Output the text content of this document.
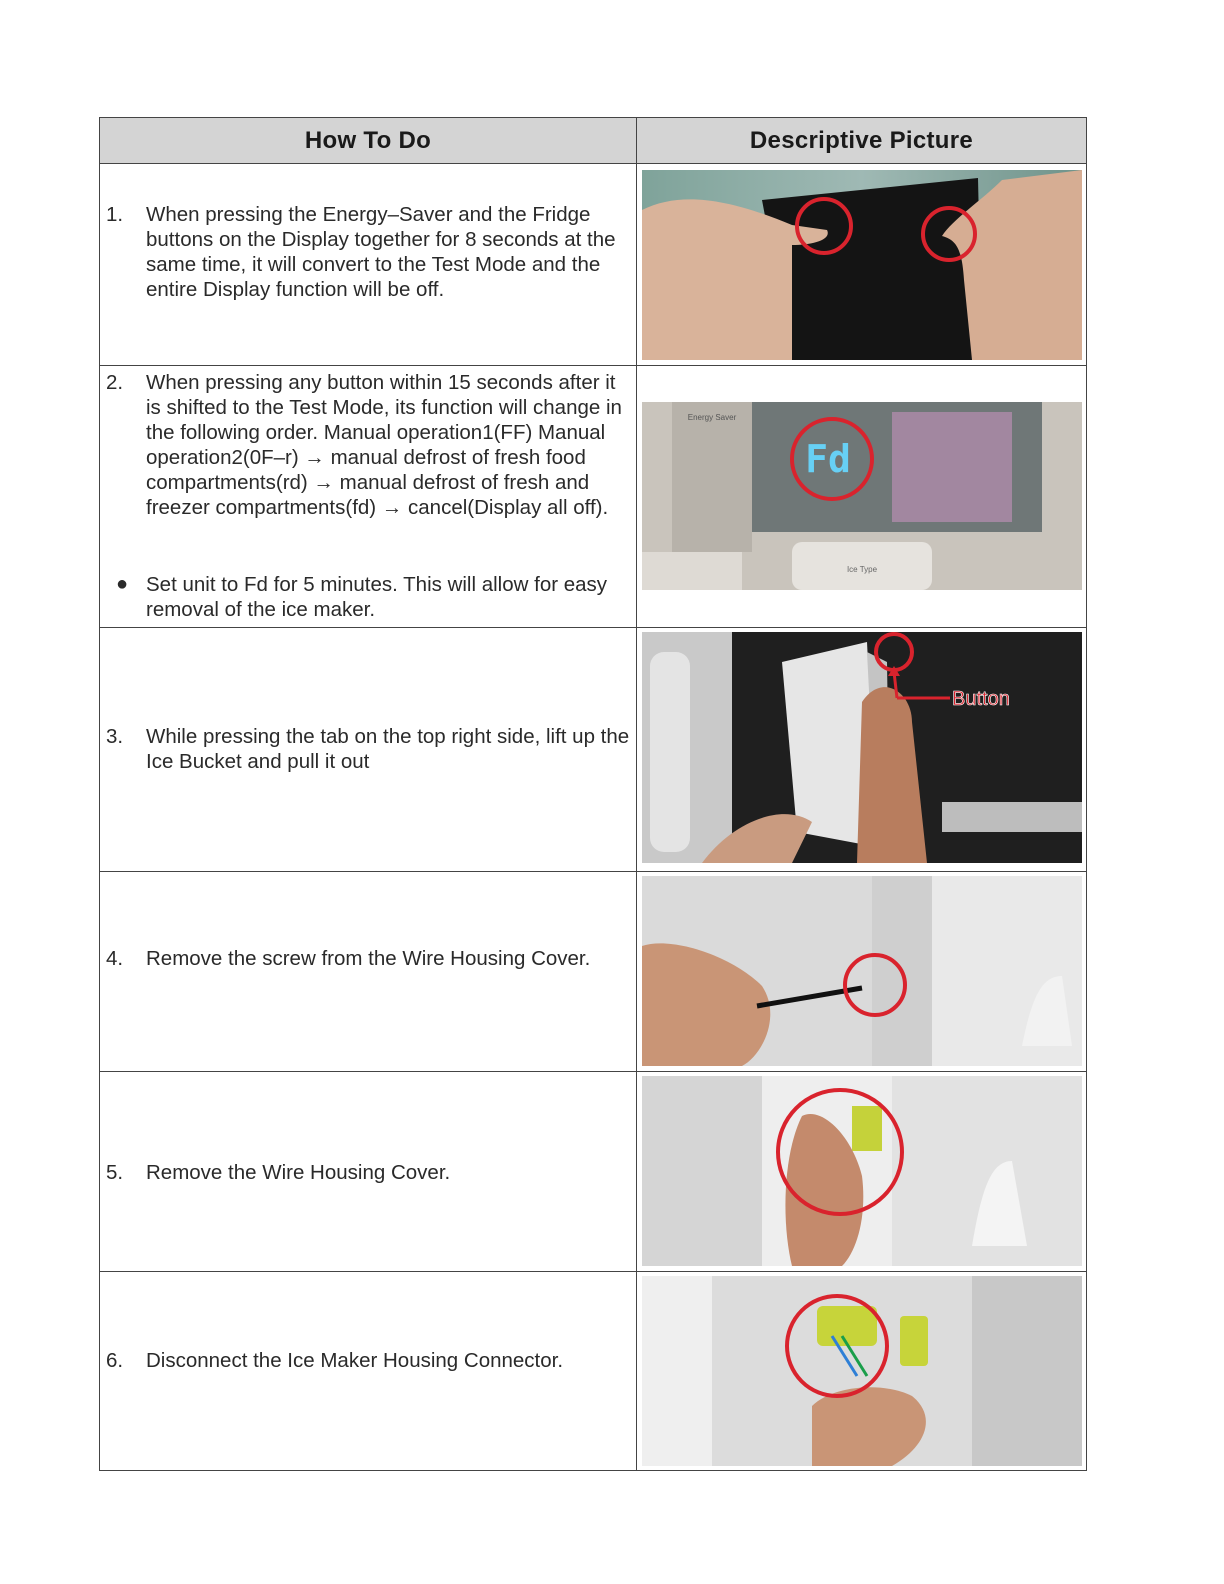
How To Do	Descriptive Picture
1. When pressing the Energy–Saver and the Fridge buttons on the Display together for 8 seconds at the same time, it will convert to the Test Mode and the entire Display function will be off.
2. When pressing any button within 15 seconds after it is shifted to the Test Mode, its function will change in the following order. Manual operation1(FF) Manual operation2(0F–r) → manual defrost of fresh food compartments(rd) → manual defrost of fresh and freezer compartments(fd) → cancel(Display all off).
● Set unit to Fd for 5 minutes. This will allow for easy removal of the ice maker.
3. While pressing the tab on the top right side, lift up the Ice Bucket and pull it out
4. Remove the screw from the Wire Housing Cover.
5. Remove the Wire Housing Cover.
6. Disconnect the Ice Maker Housing Connector.
Energy Saver
Fd
Ice Type
Button
